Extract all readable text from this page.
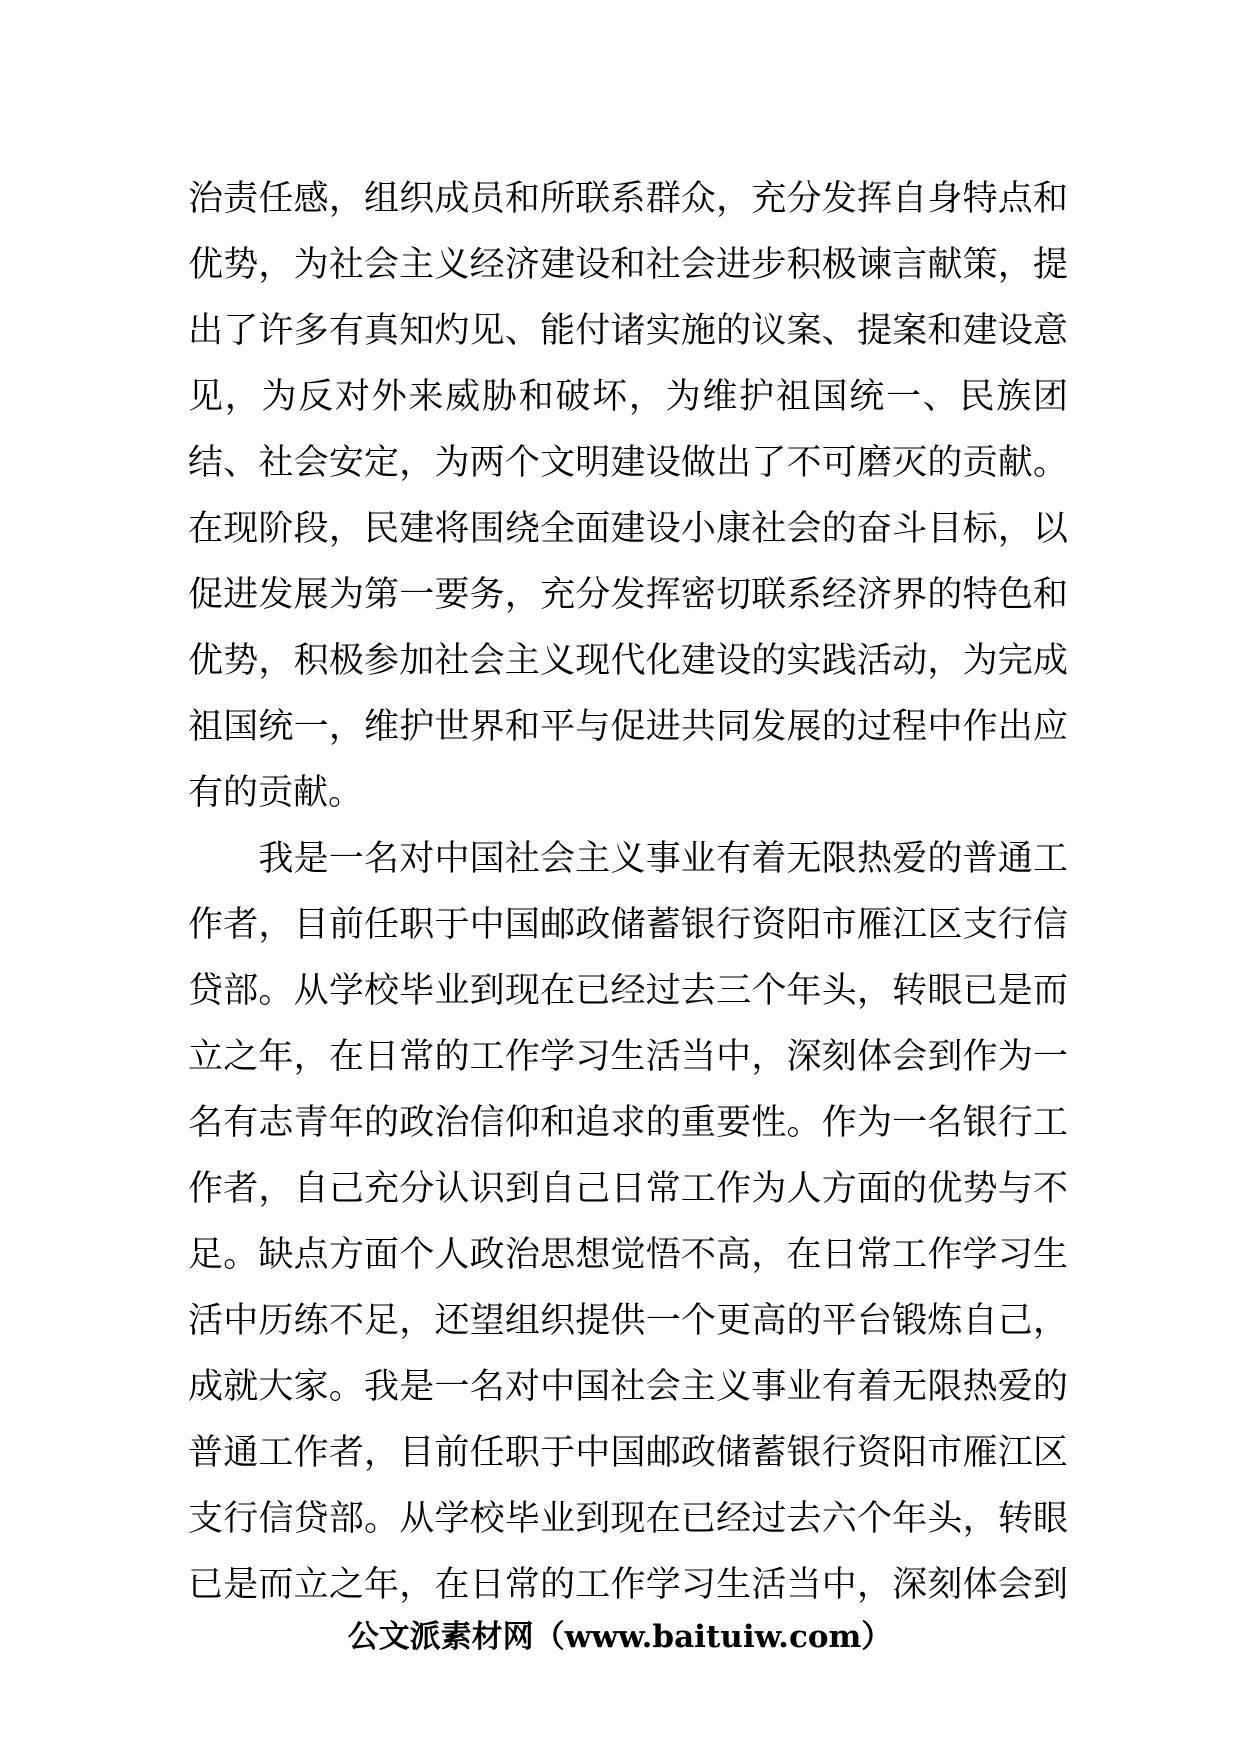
治责任感，组织成员和所联系群众，充分发挥自身特点和
优势，为社会主义经济建设和社会进步积极谏言献策，提
出了许多有真知灼见、能付诸实施的议案、提案和建设意
见，为反对外来威胁和破坏，为维护祖国统一、民族团
结、社会安定，为两个文明建设做出了不可磨灭的贡献。
在现阶段，民建将围绕全面建设小康社会的奋斗目标，以
促进发展为第一要务，充分发挥密切联系经济界的特色和
优势，积极参加社会主义现代化建设的实践活动，为完成
祖国统一，维护世界和平与促进共同发展的过程中作出应
有的贡献。
　　我是一名对中国社会主义事业有着无限热爱的普通工
作者，目前任职于中国邮政储蓄银行资阳市雁江区支行信
贷部。从学校毕业到现在已经过去三个年头，转眼已是而
立之年，在日常的工作学习生活当中，深刻体会到作为一
名有志青年的政治信仰和追求的重要性。作为一名银行工
作者，自己充分认识到自己日常工作为人方面的优势与不
足。缺点方面个人政治思想觉悟不高，在日常工作学习生
活中历练不足，还望组织提供一个更高的平台锻炼自己，
成就大家。我是一名对中国社会主义事业有着无限热爱的
普通工作者，目前任职于中国邮政储蓄银行资阳市雁江区
支行信贷部。从学校毕业到现在已经过去六个年头，转眼
已是而立之年，在日常的工作学习生活当中，深刻体会到
公文派素材网（www.baituiw.com）
